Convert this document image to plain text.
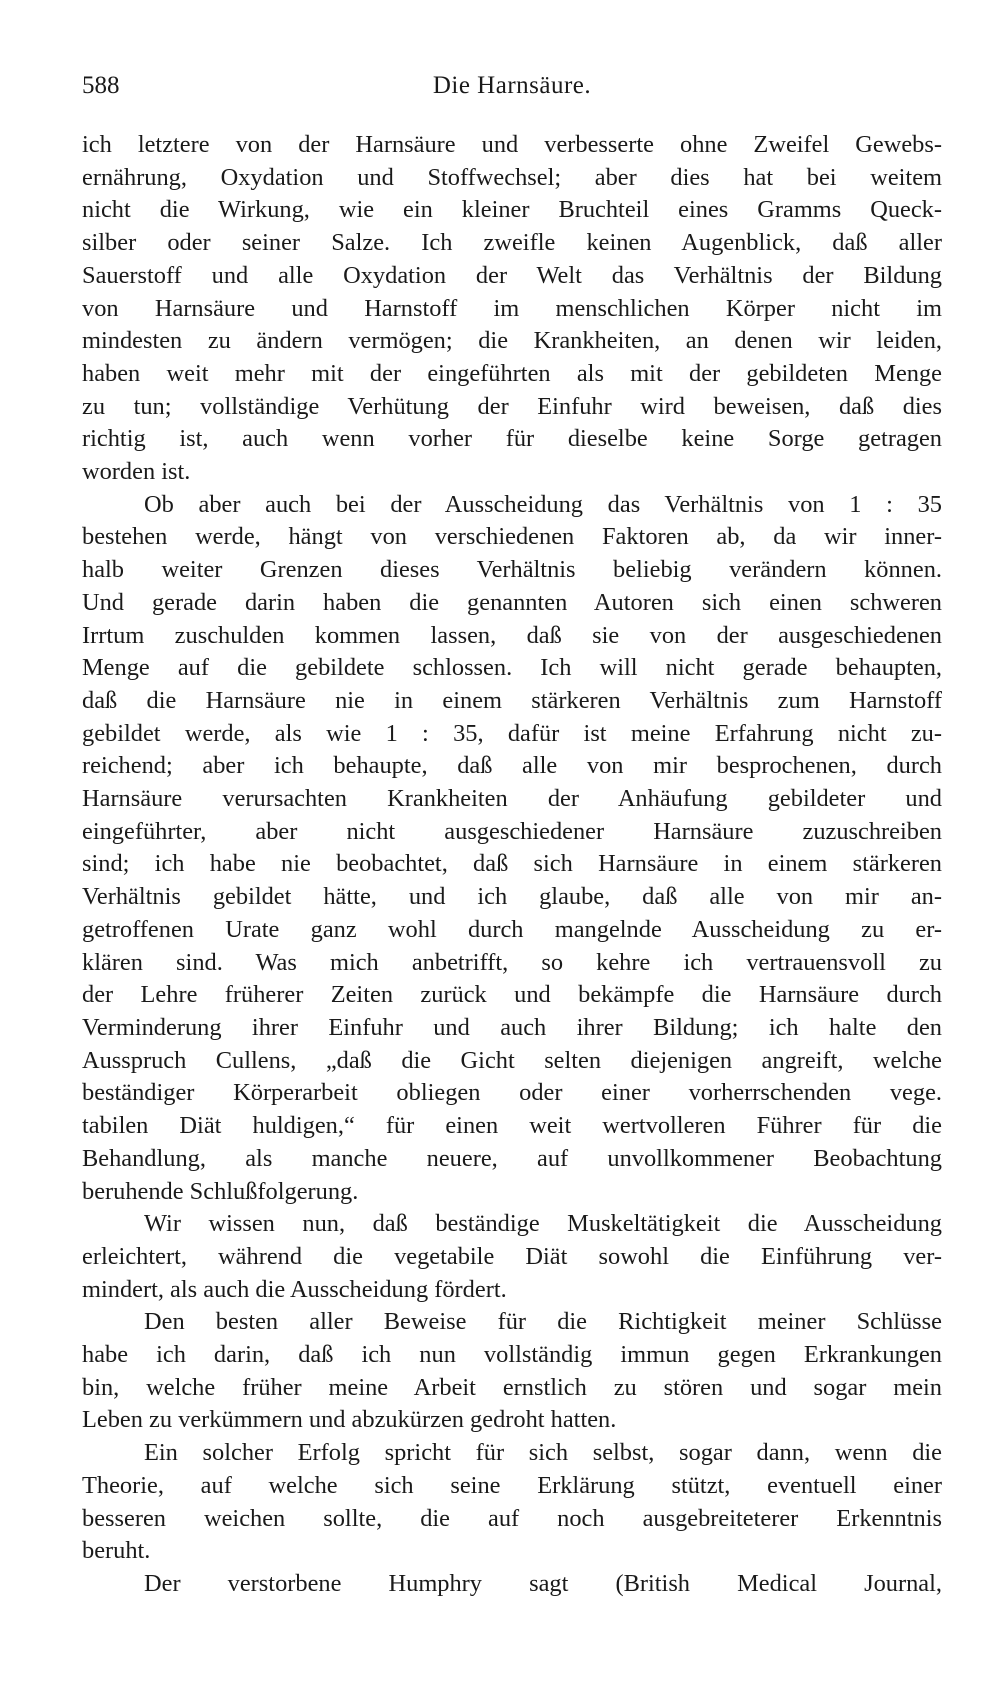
588	Die Harnsäure.

ich letztere von der Harnsäure und verbesserte ohne Zweifel Gewebs-
ernährung, Oxydation und Stoffwechsel; aber dies hat bei weitem
nicht die Wirkung, wie ein kleiner Bruchteil eines Gramms Queck-
silber oder seiner Salze. Ich zweifle keinen Augenblick, daß aller
Sauerstoff und alle Oxydation der Welt das Verhältnis der Bildung
von Harnsäure und Harnstoff im menschlichen Körper nicht im
mindesten zu ändern vermögen; die Krankheiten, an denen wir leiden,
haben weit mehr mit der eingeführten als mit der gebildeten Menge
zu tun; vollständige Verhütung der Einfuhr wird beweisen, daß dies
richtig ist, auch wenn vorher für dieselbe keine Sorge getragen
worden ist.

Ob aber auch bei der Ausscheidung das Verhältnis von 1 : 35
bestehen werde, hängt von verschiedenen Faktoren ab, da wir inner-
halb weiter Grenzen dieses Verhältnis beliebig verändern können.
Und gerade darin haben die genannten Autoren sich einen schweren
Irrtum zuschulden kommen lassen, daß sie von der ausgeschiedenen
Menge auf die gebildete schlossen. Ich will nicht gerade behaupten,
daß die Harnsäure nie in einem stärkeren Verhältnis zum Harnstoff
gebildet werde, als wie 1 : 35, dafür ist meine Erfahrung nicht zu-
reichend; aber ich behaupte, daß alle von mir besprochenen, durch
Harnsäure verursachten Krankheiten der Anhäufung gebildeter und
eingeführter, aber nicht ausgeschiedener Harnsäure zuzuschreiben
sind; ich habe nie beobachtet, daß sich Harnsäure in einem stärkeren
Verhältnis gebildet hätte, und ich glaube, daß alle von mir an-
getroffenen Urate ganz wohl durch mangelnde Ausscheidung zu er-
klären sind. Was mich anbetrifft, so kehre ich vertrauensvoll zu
der Lehre früherer Zeiten zurück und bekämpfe die Harnsäure durch
Verminderung ihrer Einfuhr und auch ihrer Bildung; ich halte den
Ausspruch Cullens, „daß die Gicht selten diejenigen angreift, welche
beständiger Körperarbeit obliegen oder einer vorherrschenden vege.
tabilen Diät huldigen,“ für einen weit wertvolleren Führer für die
Behandlung, als manche neuere, auf unvollkommener Beobachtung
beruhende Schlußfolgerung.

Wir wissen nun, daß beständige Muskeltätigkeit die Ausscheidung
erleichtert, während die vegetabile Diät sowohl die Einführung ver-
mindert, als auch die Ausscheidung fördert.

Den besten aller Beweise für die Richtigkeit meiner Schlüsse
habe ich darin, daß ich nun vollständig immun gegen Erkrankungen
bin, welche früher meine Arbeit ernstlich zu stören und sogar mein
Leben zu verkümmern und abzukürzen gedroht hatten.

Ein solcher Erfolg spricht für sich selbst, sogar dann, wenn die
Theorie, auf welche sich seine Erklärung stützt, eventuell einer
besseren weichen sollte, die auf noch ausgebreiteterer Erkenntnis
beruht.

Der verstorbene Humphry sagt (British Medical Journal,
